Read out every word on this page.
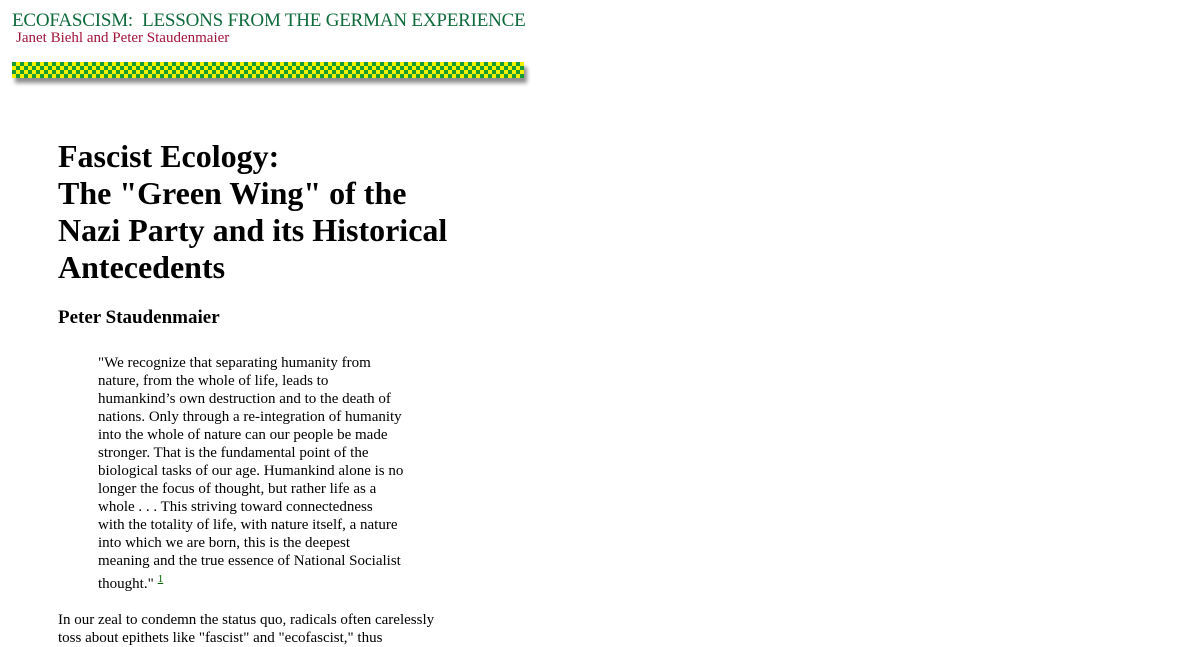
ECOFASCISM:  LESSONS FROM THE GERMAN EXPERIENCE
Janet Biehl and Peter Staudenmaier
Fascist Ecology:
The "Green Wing" of the
Nazi Party and its Historical
Antecedents
Peter Staudenmaier
"We recognize that separating humanity from
nature, from the whole of life, leads to
humankind’s own destruction and to the death of
nations. Only through a re-integration of humanity
into the whole of nature can our people be made
stronger. That is the fundamental point of the
biological tasks of our age. Humankind alone is no
longer the focus of thought, but rather life as a
whole . . . This striving toward connectedness
with the totality of life, with nature itself, a nature
into which we are born, this is the deepest
meaning and the true essence of National Socialist
thought." $^1$

In our zeal to condemn the status quo, radicals often carelessly
toss about epithets like "fascist" and "ecofascist," thus
